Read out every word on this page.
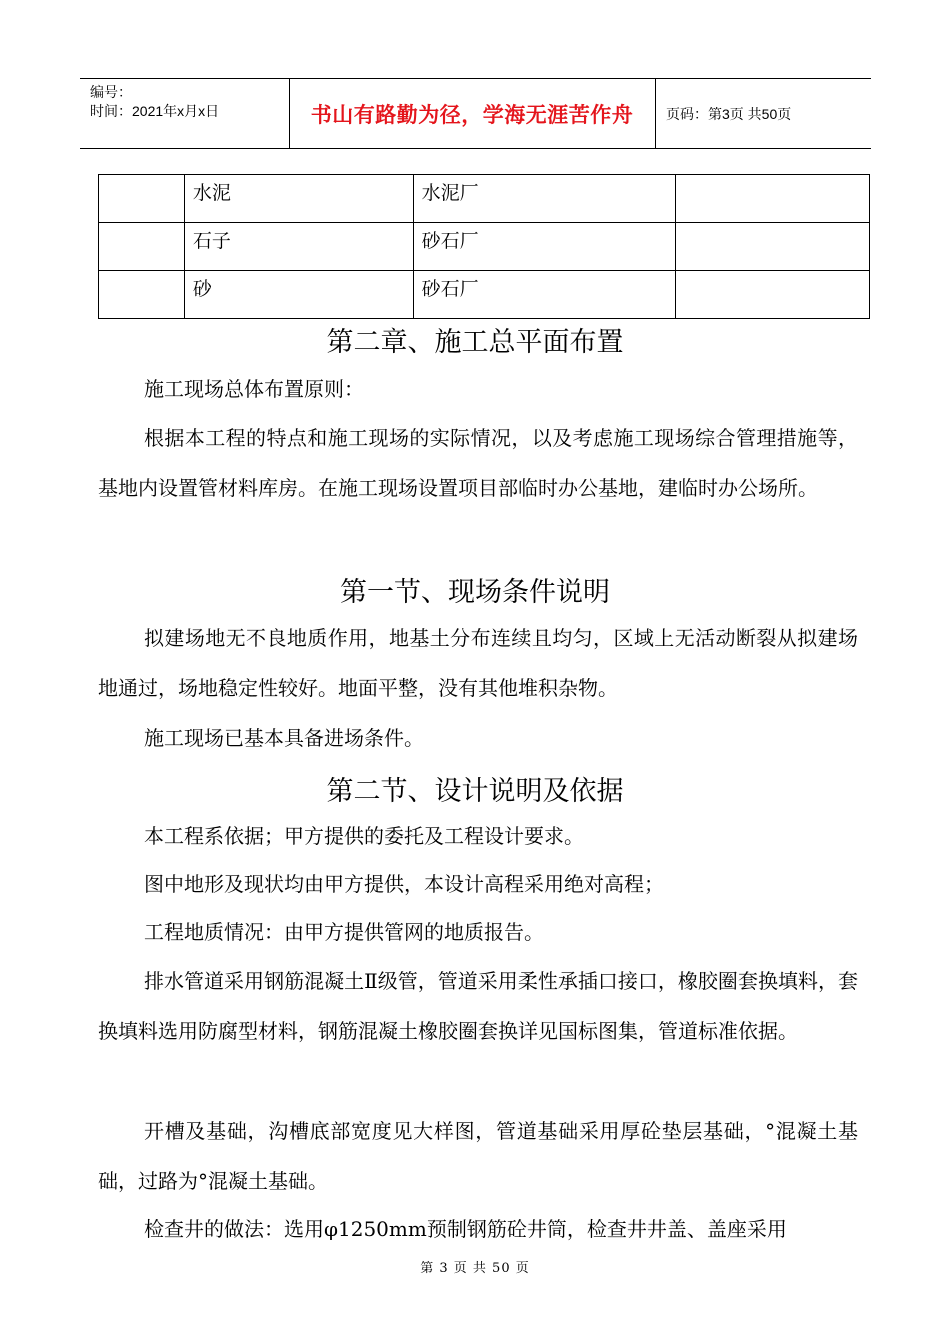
编号：
时间：2021年x月x日	书山有路勤为径，学海无涯苦作舟	页码：第3页 共50页
	水泥	水泥厂	
	石子	砂石厂	
	砂	砂石厂	
第二章、施工总平面布置

施工现场总体布置原则：

根据本工程的特点和施工现场的实际情况，以及考虑施工现场综合管理措施等，基地内设置管材料库房。在施工现场设置项目部临时办公基地，建临时办公场所。

第一节、现场条件说明

拟建场地无不良地质作用，地基土分布连续且均匀，区域上无活动断裂从拟建场地通过，场地稳定性较好。地面平整，没有其他堆积杂物。

施工现场已基本具备进场条件。

第二节、设计说明及依据

本工程系依据；甲方提供的委托及工程设计要求。

图中地形及现状均由甲方提供，本设计高程采用绝对高程；

工程地质情况：由甲方提供管网的地质报告。

排水管道采用钢筋混凝土Ⅱ级管，管道采用柔性承插口接口，橡胶圈套换填料，套换填料选用防腐型材料，钢筋混凝土橡胶圈套换详见国标图集，管道标准依据。

开槽及基础，沟槽底部宽度见大样图，管道基础采用厚砼垫层基础，°混凝土基础，过路为°混凝土基础。

检查井的做法：选用φ1250mm预制钢筋砼井筒，检查井井盖、盖座采用

第 3 页 共 50 页
